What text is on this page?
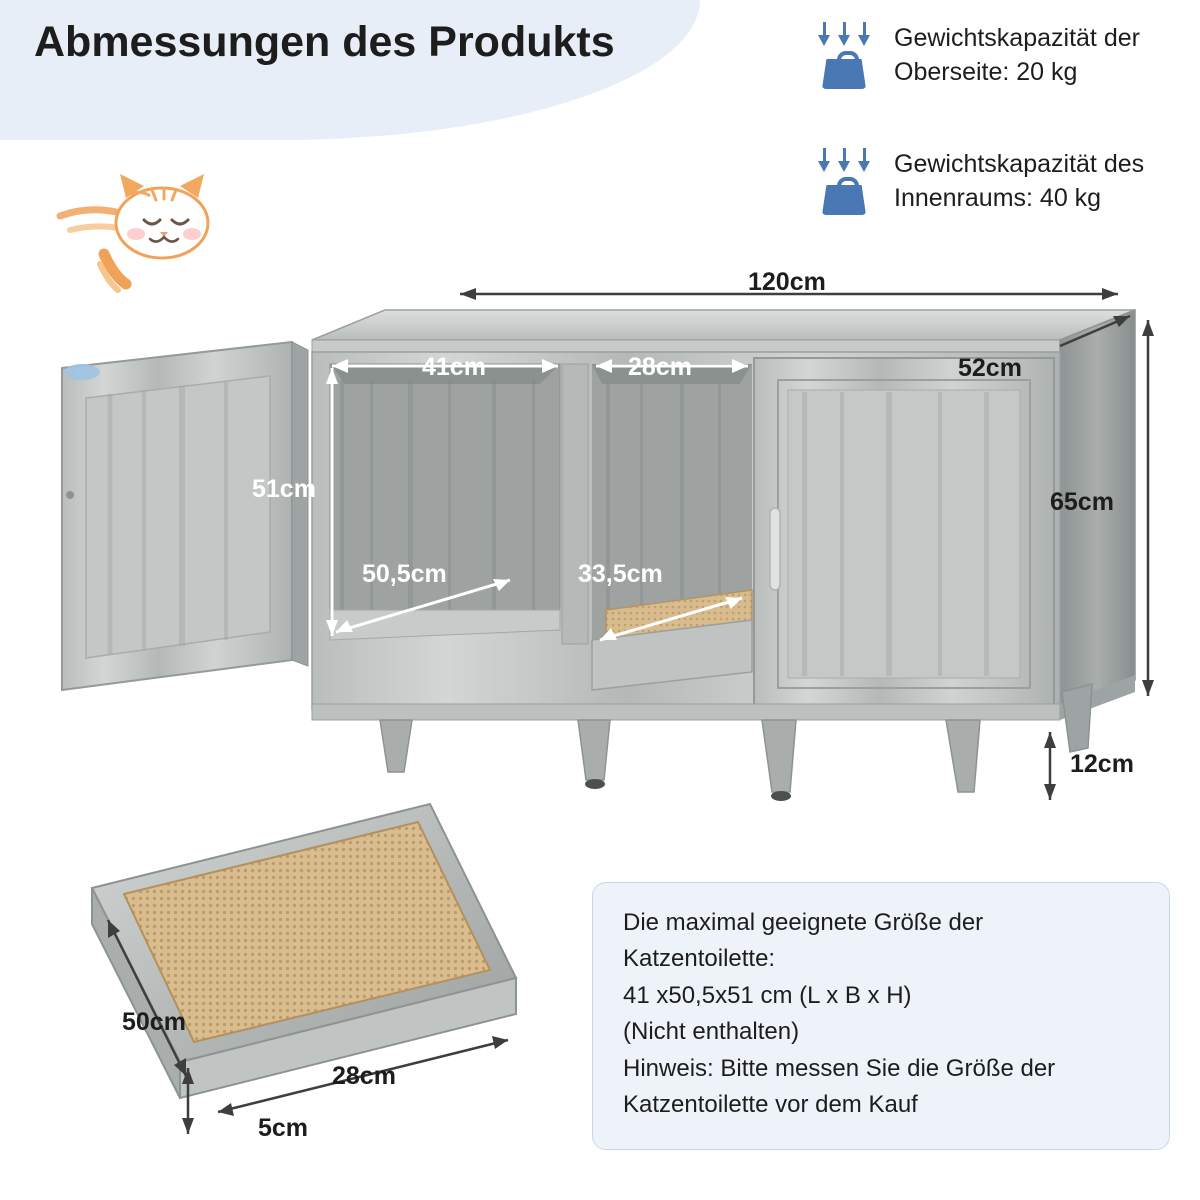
Abmessungen des Produkts	Gewichtskapazität der Oberseite: 20 kg
Gewichtskapazität des Innenraums: 40 kg
120cm
52cm
65cm
12cm
41cm	28cm
51cm
50,5cm	33,5cm
50cm
28cm
5cm
Die maximal geeignete Größe der
Katzentoilette:
41 x50,5x51 cm (L x B x H)
(Nicht enthalten)
Hinweis: Bitte messen Sie die Größe der
Katzentoilette vor dem Kauf
